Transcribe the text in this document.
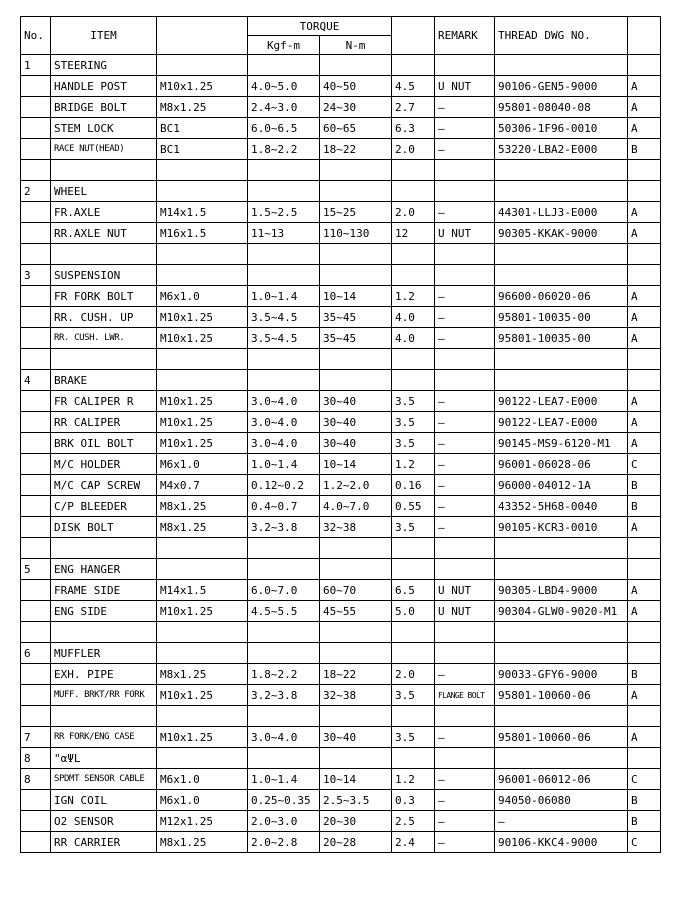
No.	ITEM		TORQUE			REMARK	THREAD DWG NO.	
			Kgf-m	N-m				
1	STEERING							
	HANDLE POST	M10x1.25	4.0~5.0	40~50	4.5	U NUT	90106-GEN5-9000	A
	BRIDGE BOLT	M8x1.25	2.4~3.0	24~30	2.7	—	95801-08040-08	A
	STEM LOCK	BC1	6.0~6.5	60~65	6.3	—	50306-1F96-0010	A
	RACE NUT(HEAD)	BC1	1.8~2.2	18~22	2.0	—	53220-LBA2-E000	B

2	WHEEL							
	FR.AXLE	M14x1.5	1.5~2.5	15~25	2.0	—	44301-LLJ3-E000	A
	RR.AXLE NUT	M16x1.5	11~13	110~130	12	U NUT	90305-KKAK-9000	A

3	SUSPENSION							
	FR FORK BOLT	M6x1.0	1.0~1.4	10~14	1.2	—	96600-06020-06	A
	RR. CUSH. UP	M10x1.25	3.5~4.5	35~45	4.0	—	95801-10035-00	A
	RR. CUSH. LWR.	M10x1.25	3.5~4.5	35~45	4.0	—	95801-10035-00	A

4	BRAKE							
	FR CALIPER R	M10x1.25	3.0~4.0	30~40	3.5	—	90122-LEA7-E000	A
	RR CALIPER	M10x1.25	3.0~4.0	30~40	3.5	—	90122-LEA7-E000	A
	BRK OIL BOLT	M10x1.25	3.0~4.0	30~40	3.5	—	90145-MS9-6120-M1	A
	M/C HOLDER	M6x1.0	1.0~1.4	10~14	1.2	—	96001-06028-06	C
	M/C CAP SCREW	M4x0.7	0.12~0.2	1.2~2.0	0.16	—	96000-04012-1A	B
	C/P BLEEDER	M8x1.25	0.4~0.7	4.0~7.0	0.55	—	43352-5H68-0040	B
	DISK BOLT	M8x1.25	3.2~3.8	32~38	3.5	—	90105-KCR3-0010	A

5	ENG HANGER							
	FRAME SIDE	M14x1.5	6.0~7.0	60~70	6.5	U NUT	90305-LBD4-9000	A
	ENG SIDE	M10x1.25	4.5~5.5	45~55	5.0	U NUT	90304-GLW0-9020-M1	A

6	MUFFLER							
	EXH. PIPE	M8x1.25	1.8~2.2	18~22	2.0	—	90033-GFY6-9000	B
	MUFF. BRKT/RR FORK	M10x1.25	3.2~3.8	32~38	3.5	FLANGE BOLT	95801-10060-06	A

7	RR FORK/ENG CASE	M10x1.25	3.0~4.0	30~40	3.5	—	95801-10060-06	A
8	"αΨL							
8	SPDMT SENSOR CABLE	M6x1.0	1.0~1.4	10~14	1.2	—	96001-06012-06	C
	IGN COIL	M6x1.0	0.25~0.35	2.5~3.5	0.3	—	94050-06080	B
	O2 SENSOR	M12x1.25	2.0~3.0	20~30	2.5	—	—	B
	RR CARRIER	M8x1.25	2.0~2.8	20~28	2.4	—	90106-KKC4-9000	C
